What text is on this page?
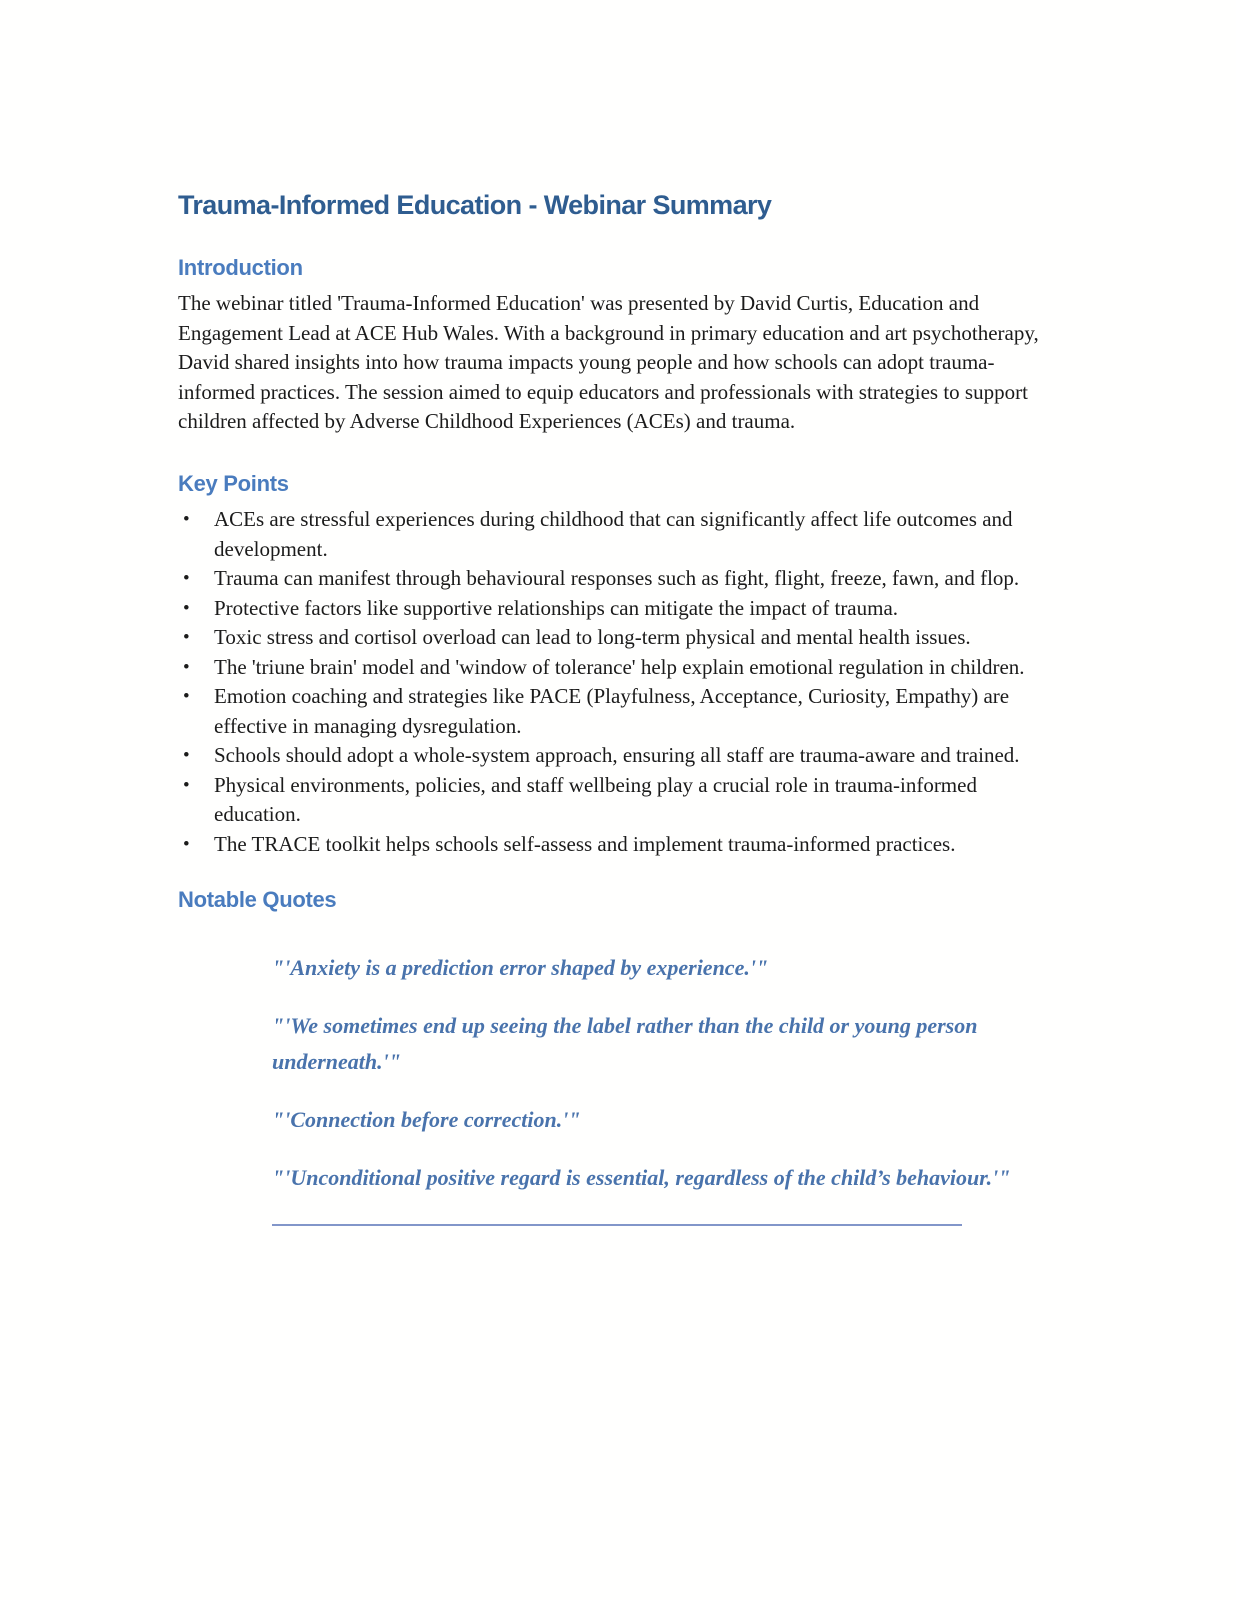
Trauma-Informed Education - Webinar Summary
Introduction

The webinar titled 'Trauma-Informed Education' was presented by David Curtis, Education and Engagement Lead at ACE Hub Wales. With a background in primary education and art psychotherapy, David shared insights into how trauma impacts young people and how schools can adopt trauma-informed practices. The session aimed to equip educators and professionals with strategies to support children affected by Adverse Childhood Experiences (ACEs) and trauma.

Key Points
• ACEs are stressful experiences during childhood that can significantly affect life outcomes and development.
• Trauma can manifest through behavioural responses such as fight, flight, freeze, fawn, and flop.
• Protective factors like supportive relationships can mitigate the impact of trauma.
• Toxic stress and cortisol overload can lead to long-term physical and mental health issues.
• The 'triune brain' model and 'window of tolerance' help explain emotional regulation in children.
• Emotion coaching and strategies like PACE (Playfulness, Acceptance, Curiosity, Empathy) are effective in managing dysregulation.
• Schools should adopt a whole-system approach, ensuring all staff are trauma-aware and trained.
• Physical environments, policies, and staff wellbeing play a crucial role in trauma-informed education.
• The TRACE toolkit helps schools self-assess and implement trauma-informed practices.
Notable Quotes
"'Anxiety is a prediction error shaped by experience.'"
"'We sometimes end up seeing the label rather than the child or young person underneath.'"
"'Connection before correction.'"
"'Unconditional positive regard is essential, regardless of the child’s behaviour.'"
